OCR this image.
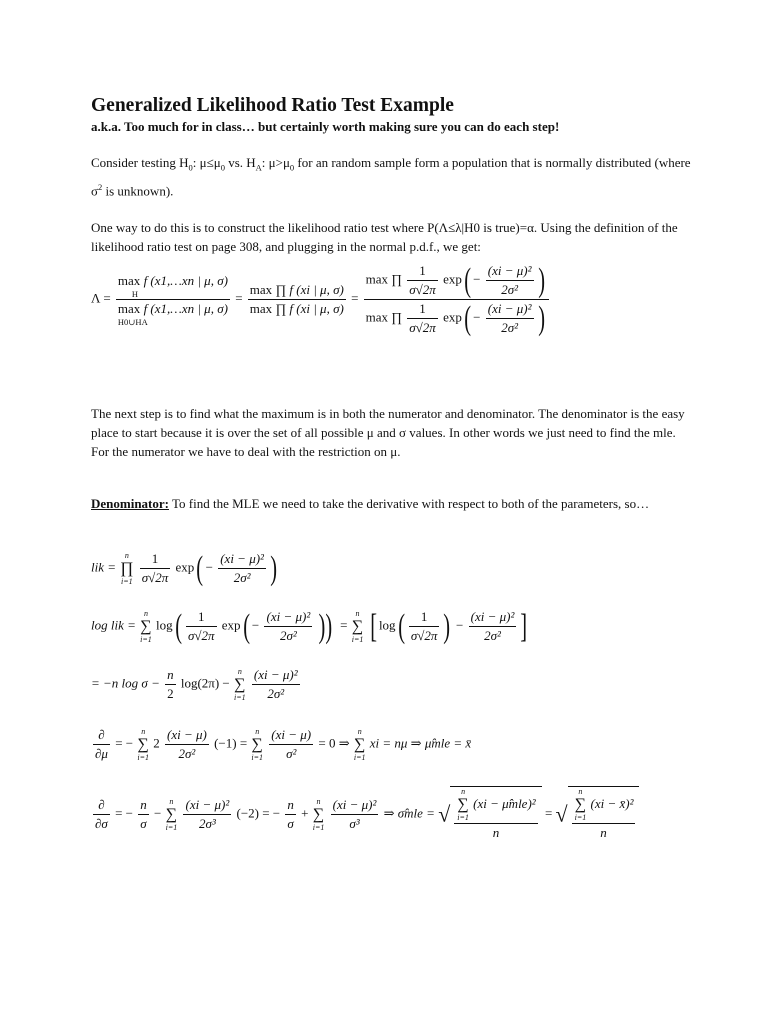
Generalized Likelihood Ratio Test Example
a.k.a. Too much for in class… but certainly worth making sure you can do each step!
Consider testing $H_0$: $\mu\le\mu_0$ vs. $H_A$: $\mu>\mu_0$ for an random sample form a population that is normally distributed (where $\sigma^2$ is unknown).
One way to do this is to construct the likelihood ratio test where P(Λ≤λ|H0 is true)=α. Using the definition of the likelihood ratio test on page 308, and plugging in the normal p.d.f., we get:
Λ = max f (x1,…xn | μ, σ)
H
max f (x1,…xn | μ, σ)
H0∪HA = $\frac{\max \prod f (xi | \mu, \sigma)}{\max \prod f (xi | \mu, \sigma)} = \frac{\max \prod \frac{1}{\sigma√2\pi} \exp( - \frac{\text{(xi − μ)²}}{\text{2σ²}} )}{\max \prod \frac{1}{\sigma√2\pi} \exp( - \frac{\text{(xi − μ)²}}{\text{2σ²}} )}$
The next step is to find what the maximum is in both the numerator and denominator. The denominator is the easy place to start because it is over the set of all possible μ and σ values. In other words we just need to find the mle. For the numerator we have to deal with the restriction on μ.
Denominator: To find the MLE we need to take the derivative with respect to both of the parameters, so…
lik =
n
∏
i=1
$\frac{1}{\sigma√2\pi} \exp( - \frac{\text{(xi − μ)²}}{\text{2σ²}}$ )
log lik =
n
∑
i=1
$\log( \frac{1}{\sigma√2\pi} \exp( - \frac{\text{(xi − μ)²}}{\text{2σ²}}$ )) =
n
∑
i=1 [ $\log( \frac{1}{\sigma√2\pi}$ ) − $\frac{\text{(xi − μ)²}}{\text{2σ²}}$ ]
= −n $\log \sigma - \frac{n}{2} \log(2\pi)$ −
n
∑
i=1
$\frac{\text{(xi − μ)²}}{\text{2σ²}}$
$\frac{\partial}{\partial\mu}$ = −
n
∑
i=1
$2 \frac{(xi - \mu)}{\text{2σ²}} (-1)$ =
n
∑
i=1
$\frac{(xi - \mu)}{\text{σ²}} = 0$ ⇒
n
∑
i=1
xi = nμ ⇒ μ̂mle = x̄
$\frac{\partial}{\partial\sigma}$ = − $\frac{n}{\sigma}$ −
n
∑
i=1
$\frac{\text{(xi − μ)²}}{\text{2σ³}} (-2)$ = − $\frac{n}{\sigma}$ +
n
∑
i=1
$\frac{\text{(xi − μ)²}}{\text{σ³}}$ ⇒ σ̂mle = √ n
∑
i=1
(xi − μ̂mle)²
n = √ n
∑
i=1
(xi − x̄)²
n
